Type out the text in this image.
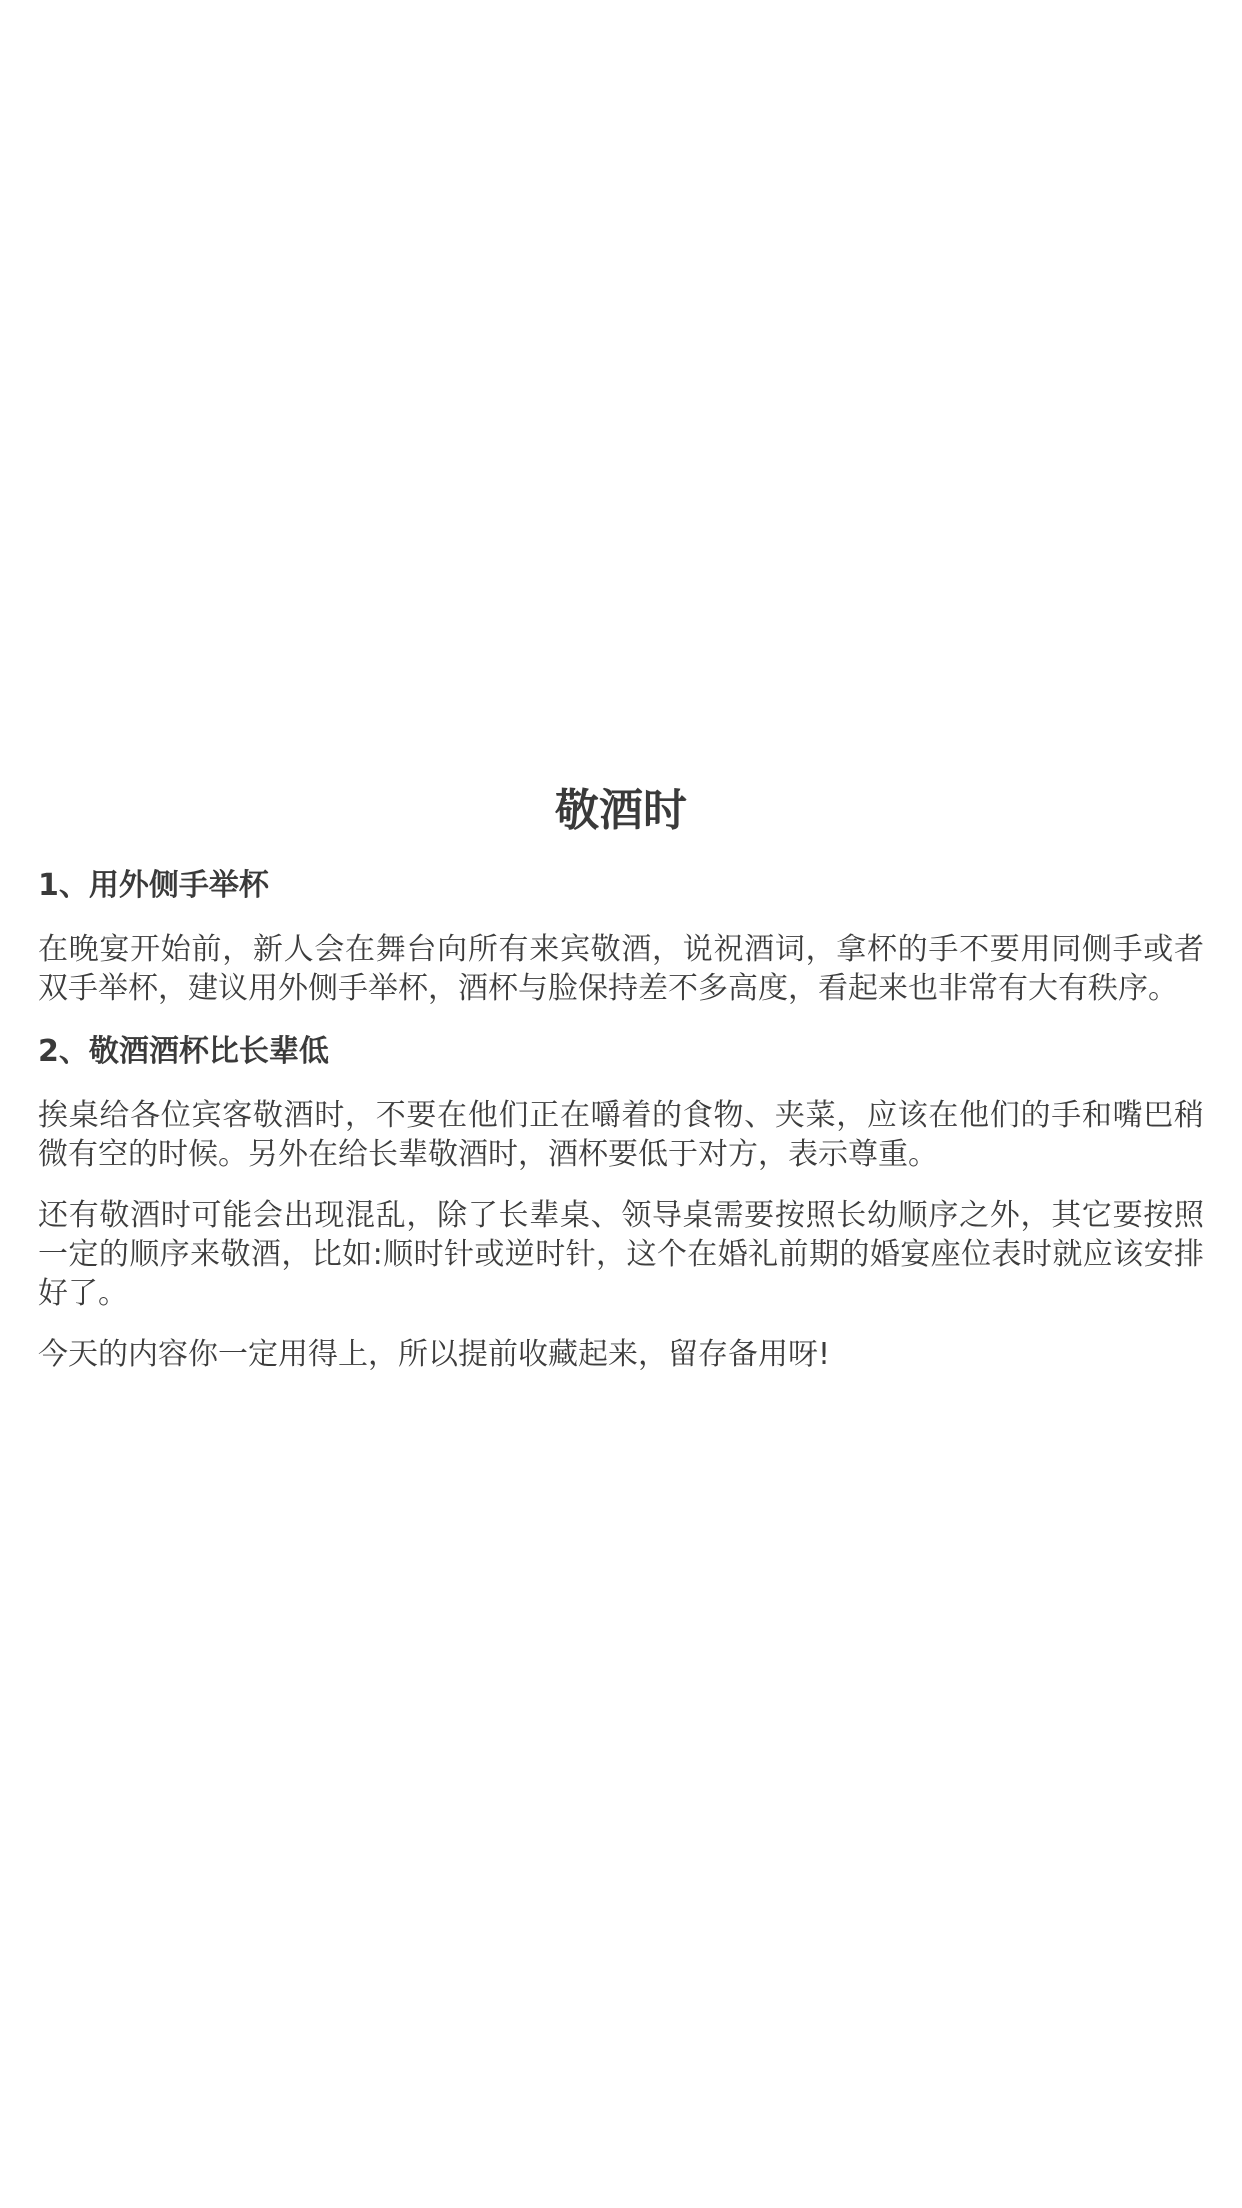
敬酒时
1、用外侧手举杯

在晚宴开始前，新人会在舞台向所有来宾敬酒，说祝酒词，拿杯的手不要用同侧手或者双手举杯，建议用外侧手举杯，酒杯与脸保持差不多高度，看起来也非常有大有秩序。

2、敬酒酒杯比长辈低

挨桌给各位宾客敬酒时，不要在他们正在嚼着的食物、夹菜，应该在他们的手和嘴巴稍微有空的时候。另外在给长辈敬酒时，酒杯要低于对方，表示尊重。

还有敬酒时可能会出现混乱，除了长辈桌、领导桌需要按照长幼顺序之外，其它要按照一定的顺序来敬酒，比如:顺时针或逆时针，这个在婚礼前期的婚宴座位表时就应该安排好了。

今天的内容你一定用得上，所以提前收藏起来，留存备用呀!
